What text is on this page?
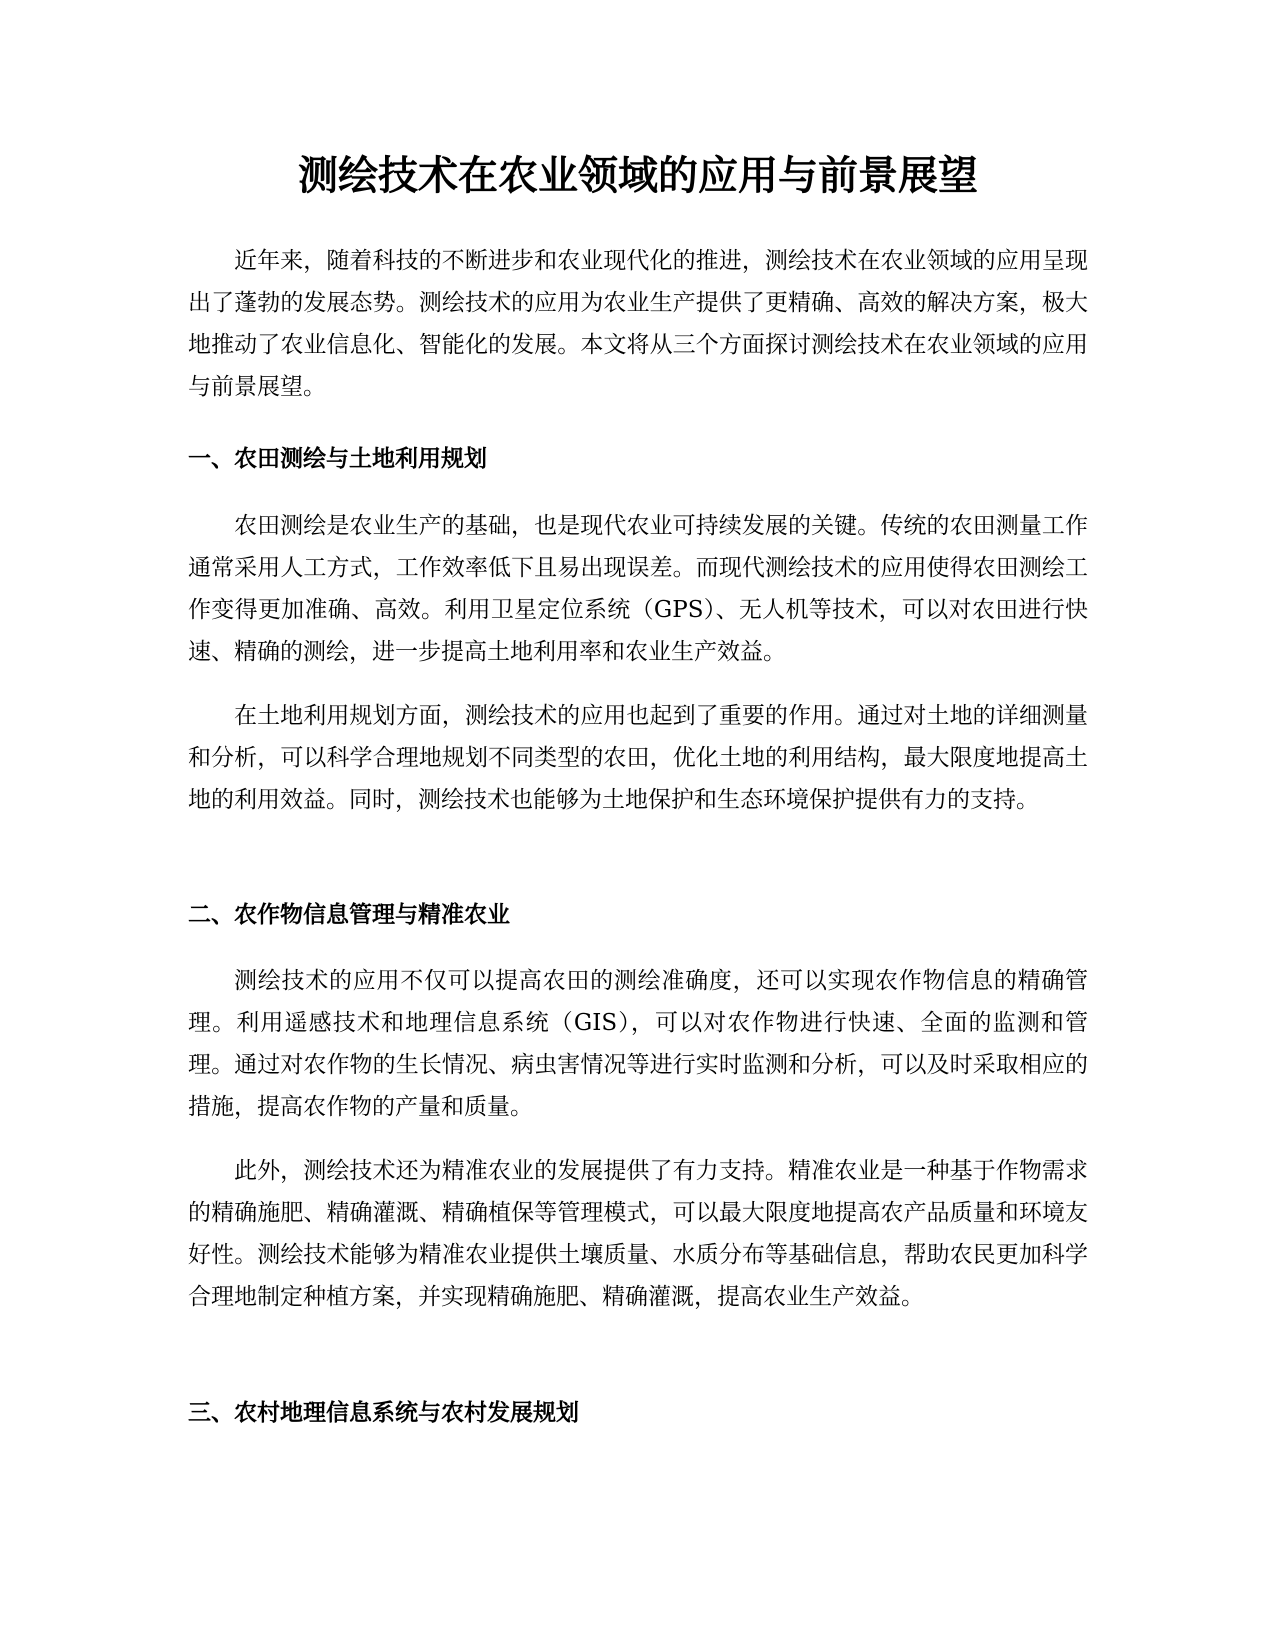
测绘技术在农业领域的应用与前景展望

近年来，随着科技的不断进步和农业现代化的推进，测绘技术在农业领域的应用呈现出了蓬勃的发展态势。测绘技术的应用为农业生产提供了更精确、高效的解决方案，极大地推动了农业信息化、智能化的发展。本文将从三个方面探讨测绘技术在农业领域的应用与前景展望。

一、农田测绘与土地利用规划

农田测绘是农业生产的基础，也是现代农业可持续发展的关键。传统的农田测量工作通常采用人工方式，工作效率低下且易出现误差。而现代测绘技术的应用使得农田测绘工作变得更加准确、高效。利用卫星定位系统（GPS）、无人机等技术，可以对农田进行快速、精确的测绘，进一步提高土地利用率和农业生产效益。

在土地利用规划方面，测绘技术的应用也起到了重要的作用。通过对土地的详细测量和分析，可以科学合理地规划不同类型的农田，优化土地的利用结构，最大限度地提高土地的利用效益。同时，测绘技术也能够为土地保护和生态环境保护提供有力的支持。

二、农作物信息管理与精准农业

测绘技术的应用不仅可以提高农田的测绘准确度，还可以实现农作物信息的精确管理。利用遥感技术和地理信息系统（GIS），可以对农作物进行快速、全面的监测和管理。通过对农作物的生长情况、病虫害情况等进行实时监测和分析，可以及时采取相应的措施，提高农作物的产量和质量。

此外，测绘技术还为精准农业的发展提供了有力支持。精准农业是一种基于作物需求的精确施肥、精确灌溉、精确植保等管理模式，可以最大限度地提高农产品质量和环境友好性。测绘技术能够为精准农业提供土壤质量、水质分布等基础信息，帮助农民更加科学合理地制定种植方案，并实现精确施肥、精确灌溉，提高农业生产效益。

三、农村地理信息系统与农村发展规划
